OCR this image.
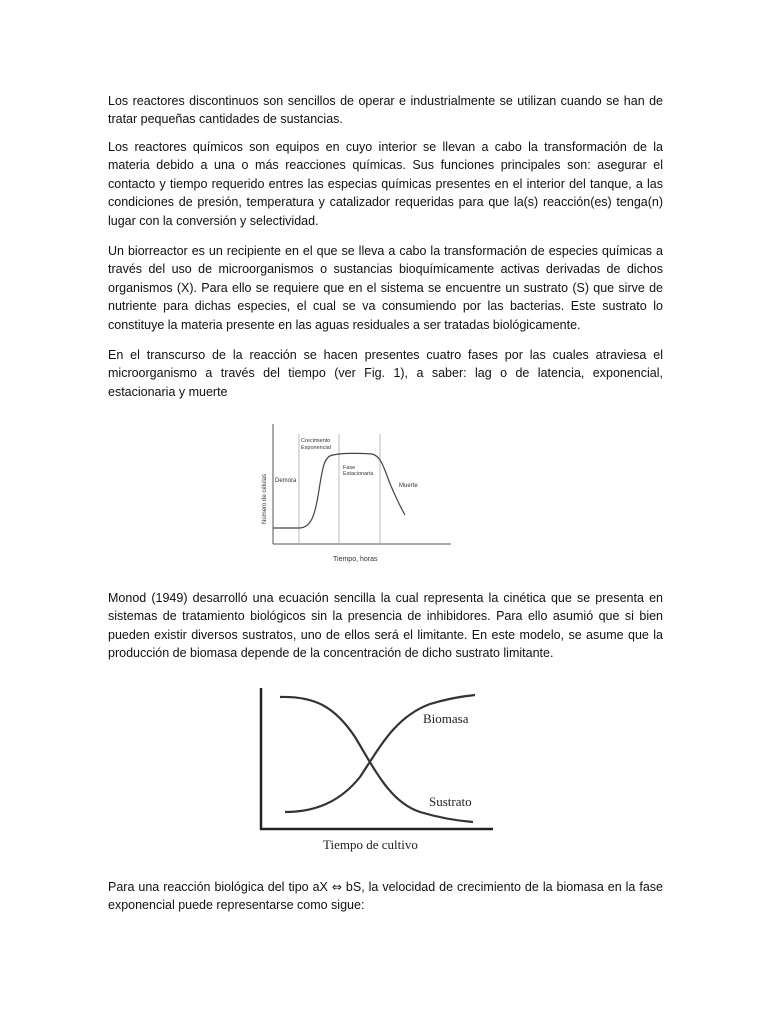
Los reactores discontinuos son sencillos de operar e industrialmente se utilizan cuando se han de tratar pequeñas cantidades de sustancias.

Los reactores químicos son equipos en cuyo interior se llevan a cabo la transformación de la materia debido a una o más reacciones químicas. Sus funciones principales son: asegurar el contacto y tiempo requerido entres las especias químicas presentes en el interior del tanque, a las condiciones de presión, temperatura y catalizador requeridas para que la(s) reacción(es) tenga(n) lugar con la conversión y selectividad.

Un biorreactor es un recipiente en el que se lleva a cabo la transformación de especies químicas a través del uso de microorganismos o sustancias bioquímicamente activas derivadas de dichos organismos (X). Para ello se requiere que en el sistema se encuentre un sustrato (S) que sirve de nutriente para dichas especies, el cual se va consumiendo por las bacterias. Este sustrato lo constituye la materia presente en las aguas residuales a ser tratadas biológicamente.

En el transcurso de la reacción se hacen presentes cuatro fases por las cuales atraviesa el microorganismo a través del tiempo (ver Fig. 1), a saber: lag o de latencia, exponencial, estacionaria y muerte

Demora
Crecimiento
Exponencial
Fase
Estacionaria
Muerte
Número de células
Tiempo, horas

Monod (1949) desarrolló una ecuación sencilla la cual representa la cinética que se presenta en sistemas de tratamiento biológicos sin la presencia de inhibidores. Para ello asumió que si bien pueden existir diversos sustratos, uno de ellos será el limitante. En este modelo, se asume que la producción de biomasa depende de la concentración de dicho sustrato limitante.

Biomasa
Sustrato
Tiempo de cultivo

Para una reacción biológica del tipo aX ⇔ bS, la velocidad de crecimiento de la biomasa en la fase exponencial puede representarse como sigue:
